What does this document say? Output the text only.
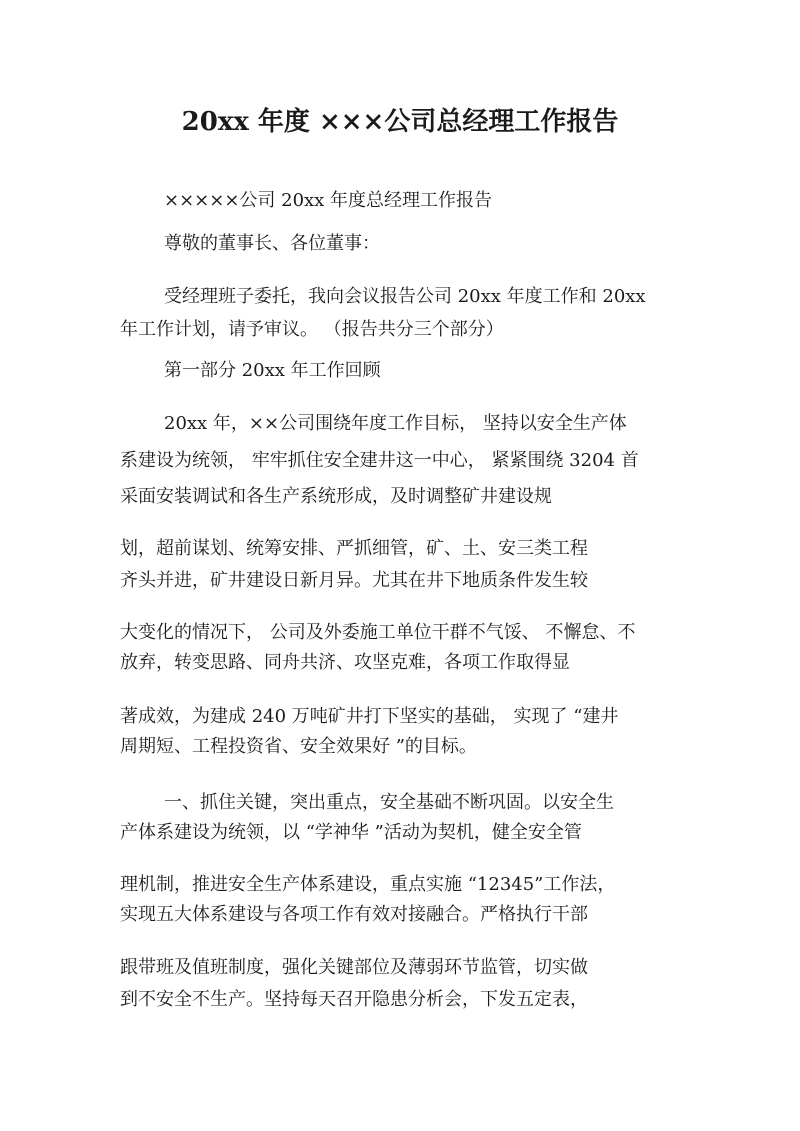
20xx 年度 ×××公司总经理工作报告
×××××公司 20xx 年度总经理工作报告
尊敬的董事长、各位董事：
受经理班子委托，我向会议报告公司 20xx 年度工作和 20xx
年工作计划，请予审议。 （报告共分三个部分）
第一部分 20xx 年工作回顾
20xx 年，××公司围绕年度工作目标， 坚持以安全生产体
系建设为统领， 牢牢抓住安全建井这一中心， 紧紧围绕 3204 首
采面安装调试和各生产系统形成，及时调整矿井建设规
划，超前谋划、统筹安排、严抓细管，矿、土、安三类工程
齐头并进，矿井建设日新月异。尤其在井下地质条件发生较
大变化的情况下， 公司及外委施工单位干群不气馁、 不懈怠、不
放弃，转变思路、同舟共济、攻坚克难，各项工作取得显
著成效，为建成 240 万吨矿井打下坚实的基础， 实现了 “建井
周期短、工程投资省、安全效果好 ”的目标。
一、抓住关键，突出重点，安全基础不断巩固。以安全生
产体系建设为统领，以 “学神华 ”活动为契机，健全安全管
理机制，推进安全生产体系建设，重点实施 “12345”工作法，
实现五大体系建设与各项工作有效对接融合。严格执行干部
跟带班及值班制度，强化关键部位及薄弱环节监管，切实做
到不安全不生产。坚持每天召开隐患分析会，下发五定表，
